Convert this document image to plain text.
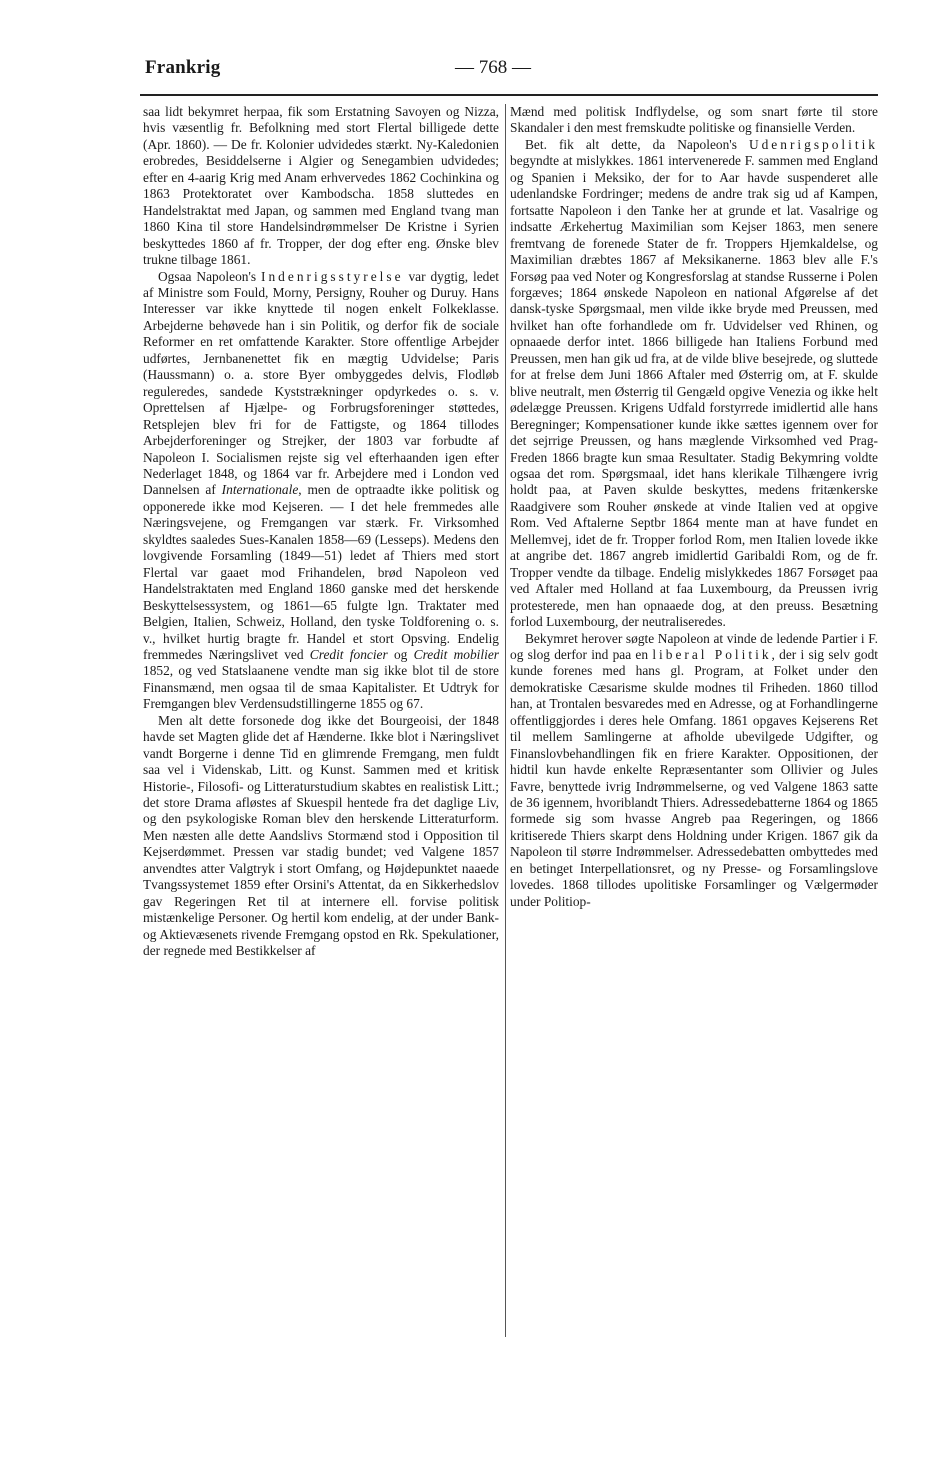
Frankrig	— 768 —

saa lidt bekymret herpaa, fik som Erstatning Savoyen og Nizza, hvis væsentlig fr. Befolkning med stort Flertal billigede dette (Apr. 1860). — De fr. Kolonier udvidedes stærkt. Ny-Kaledonien erobredes, Besiddelserne i Algier og Senegambien udvidedes; efter en 4-aarig Krig med Anam erhvervedes 1862 Cochinkina og 1863 Protektoratet over Kambodscha. 1858 sluttedes en Handelstraktat med Japan, og sammen med England tvang man 1860 Kina til store Handelsindrømmelser De Kristne i Syrien beskyttedes 1860 af fr. Tropper, der dog efter eng. Ønske blev trukne tilbage 1861.

Ogsaa Napoleon's Indenrigsstyrelse var dygtig, ledet af Ministre som Fould, Morny, Persigny, Rouher og Duruy. Hans Interesser var ikke knyttede til nogen enkelt Folkeklasse. Arbejderne behøvede han i sin Politik, og derfor fik de sociale Reformer en ret omfattende Karakter. Store offentlige Arbejder udførtes, Jernbanenettet fik en mægtig Udvidelse; Paris (Haussmann) o. a. store Byer ombyggedes delvis, Flodløb reguleredes, sandede Kyststrækninger opdyrkedes o. s. v. Oprettelsen af Hjælpe- og Forbrugsforeninger støttedes, Retsplejen blev fri for de Fattigste, og 1864 tillodes Arbejderforeninger og Strejker, der 1803 var forbudte af Napoleon I. Socialismen rejste sig vel efterhaanden igen efter Nederlaget 1848, og 1864 var fr. Arbejdere med i London ved Dannelsen af Internationale, men de optraadte ikke politisk og opponerede ikke mod Kejseren. — I det hele fremmedes alle Næringsvejene, og Fremgangen var stærk. Fr. Virksomhed skyldtes saaledes Sues-Kanalen 1858—69 (Lesseps). Medens den lovgivende Forsamling (1849—51) ledet af Thiers med stort Flertal var gaaet mod Frihandelen, brød Napoleon ved Handelstraktaten med England 1860 ganske med det herskende Beskyttelsessystem, og 1861—65 fulgte lgn. Traktater med Belgien, Italien, Schweiz, Holland, den tyske Toldforening o. s. v., hvilket hurtig bragte fr. Handel et stort Opsving. Endelig fremmedes Næringslivet ved Credit foncier og Credit mobilier 1852, og ved Statslaanene vendte man sig ikke blot til de store Finansmænd, men ogsaa til de smaa Kapitalister. Et Udtryk for Fremgangen blev Verdensudstillingerne 1855 og 67.

Men alt dette forsonede dog ikke det Bourgeoisi, der 1848 havde set Magten glide det af Hænderne. Ikke blot i Næringslivet vandt Borgerne i denne Tid en glimrende Fremgang, men fuldt saa vel i Videnskab, Litt. og Kunst. Sammen med et kritisk Historie-, Filosofi- og Litteraturstudium skabtes en realistisk Litt.; det store Drama afløstes af Skuespil hentede fra det daglige Liv, og den psykologiske Roman blev den herskende Litteraturform. Men næsten alle dette Aandslivs Stormænd stod i Opposition til Kejserdømmet. Pressen var stadig bundet; ved Valgene 1857 anvendtes atter Valgtryk i stort Omfang, og Højdepunktet naaede Tvangssystemet 1859 efter Orsini's Attentat, da en Sikkerhedslov gav Regeringen Ret til at internere ell. forvise politisk mistænkelige Personer. Og hertil kom endelig, at der under Bank- og Aktievæsenets rivende Fremgang opstod en Rk. Spekulationer, der regnede med Bestikkelser af

Mænd med politisk Indflydelse, og som snart førte til store Skandaler i den mest fremskudte politiske og finansielle Verden.

Bet. fik alt dette, da Napoleon's Udenrigspolitik begyndte at mislykkes. 1861 intervenerede F. sammen med England og Spanien i Meksiko, der for to Aar havde suspenderet alle udenlandske Fordringer; medens de andre trak sig ud af Kampen, fortsatte Napoleon i den Tanke her at grunde et lat. Vasalrige og indsatte Ærkehertug Maximilian som Kejser 1863, men senere fremtvang de forenede Stater de fr. Troppers Hjemkaldelse, og Maximilian dræbtes 1867 af Meksikanerne. 1863 blev alle F.'s Forsøg paa ved Noter og Kongresforslag at standse Russerne i Polen forgæves; 1864 ønskede Napoleon en national Afgørelse af det dansk-tyske Spørgsmaal, men vilde ikke bryde med Preussen, med hvilket han ofte forhandlede om fr. Udvidelser ved Rhinen, og opnaaede derfor intet. 1866 billigede han Italiens Forbund med Preussen, men han gik ud fra, at de vilde blive besejrede, og sluttede for at frelse dem Juni 1866 Aftaler med Østerrig om, at F. skulde blive neutralt, men Østerrig til Gengæld opgive Venezia og ikke helt ødelægge Preussen. Krigens Udfald forstyrrede imidlertid alle hans Beregninger; Kompensationer kunde ikke sættes igennem over for det sejrrige Preussen, og hans mæglende Virksomhed ved Prag-Freden 1866 bragte kun smaa Resultater. Stadig Bekymring voldte ogsaa det rom. Spørgsmaal, idet hans klerikale Tilhængere ivrig holdt paa, at Paven skulde beskyttes, medens fritænkerske Raadgivere som Rouher ønskede at vinde Italien ved at opgive Rom. Ved Aftalerne Septbr 1864 mente man at have fundet en Mellemvej, idet de fr. Tropper forlod Rom, men Italien lovede ikke at angribe det. 1867 angreb imidlertid Garibaldi Rom, og de fr. Tropper vendte da tilbage. Endelig mislykkedes 1867 Forsøget paa ved Aftaler med Holland at faa Luxembourg, da Preussen ivrig protesterede, men han opnaaede dog, at den preuss. Besætning forlod Luxembourg, der neutraliseredes.

Bekymret herover søgte Napoleon at vinde de ledende Partier i F. og slog derfor ind paa en liberal Politik, der i sig selv godt kunde forenes med hans gl. Program, at Folket under den demokratiske Cæsarisme skulde modnes til Friheden. 1860 tillod han, at Trontalen besvaredes med en Adresse, og at Forhandlingerne offentliggjordes i deres hele Omfang. 1861 opgaves Kejserens Ret til mellem Samlingerne at afholde ubevilgede Udgifter, og Finanslovbehandlingen fik en friere Karakter. Oppositionen, der hidtil kun havde enkelte Repræsentanter som Ollivier og Jules Favre, benyttede ivrig Indrømmelserne, og ved Valgene 1863 satte de 36 igennem, hvoriblandt Thiers. Adressedebatterne 1864 og 1865 formede sig som hvasse Angreb paa Regeringen, og 1866 kritiserede Thiers skarpt dens Holdning under Krigen. 1867 gik da Napoleon til større Indrømmelser. Adressedebatten ombyttedes med en betinget Interpellationsret, og ny Presse- og Forsamlingslove lovedes. 1868 tillodes upolitiske Forsamlinger og Vælgermøder under Politiop-
